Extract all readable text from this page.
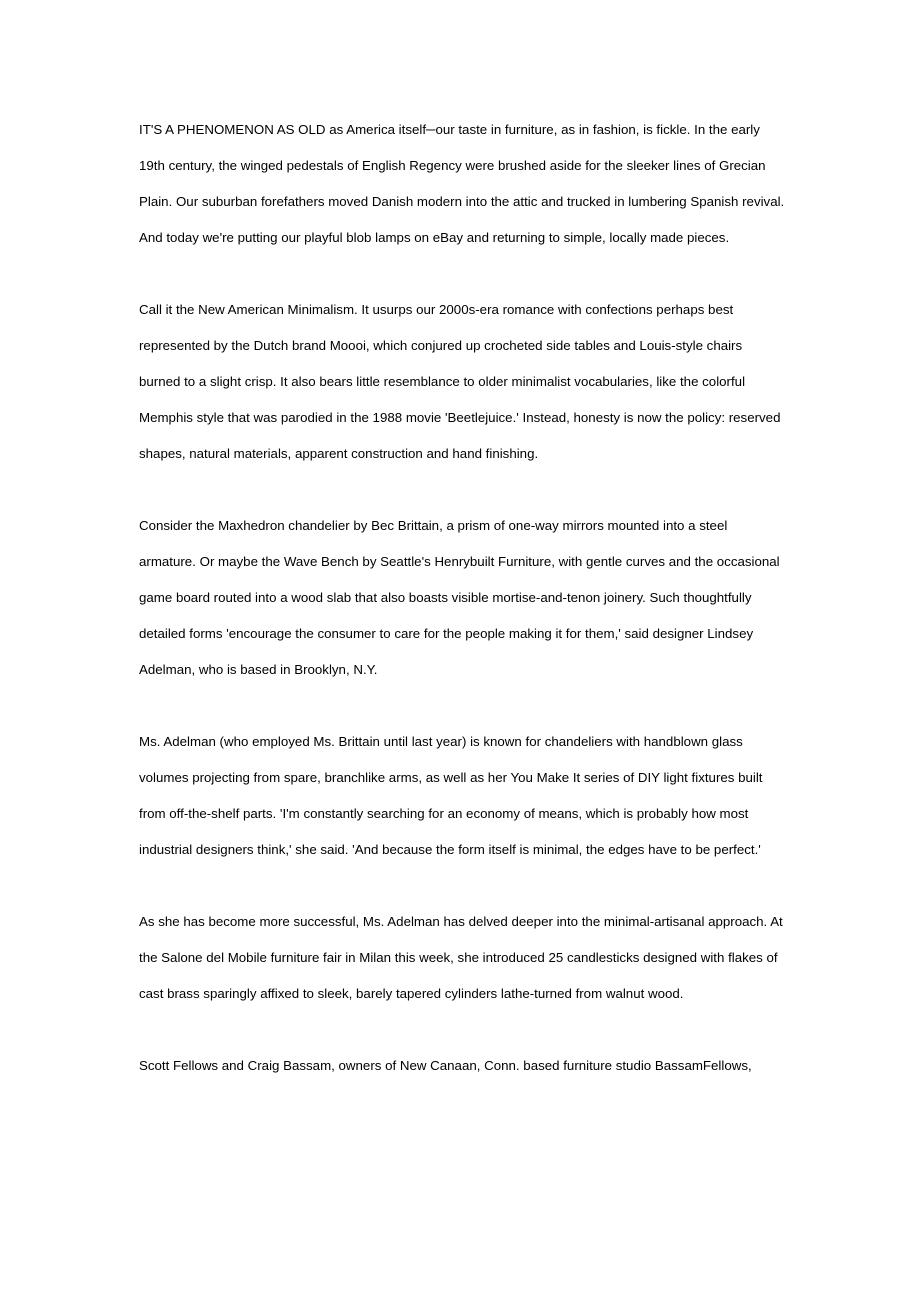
IT'S A PHENOMENON AS OLD as America itself─our taste in furniture, as in fashion, is fickle. In the early 19th century, the winged pedestals of English Regency were brushed aside for the sleeker lines of Grecian Plain. Our suburban forefathers moved Danish modern into the attic and trucked in lumbering Spanish revival. And today we're putting our playful blob lamps on eBay and returning to simple, locally made pieces.

Call it the New American Minimalism. It usurps our 2000s-era romance with confections perhaps best represented by the Dutch brand Moooi, which conjured up crocheted side tables and Louis-style chairs burned to a slight crisp. It also bears little resemblance to older minimalist vocabularies, like the colorful Memphis style that was parodied in the 1988 movie 'Beetlejuice.' Instead, honesty is now the policy: reserved shapes, natural materials, apparent construction and hand finishing.

Consider the Maxhedron chandelier by Bec Brittain, a prism of one-way mirrors mounted into a steel armature. Or maybe the Wave Bench by Seattle's Henrybuilt Furniture, with gentle curves and the occasional game board routed into a wood slab that also boasts visible mortise-and-tenon joinery. Such thoughtfully detailed forms 'encourage the consumer to care for the people making it for them,' said designer Lindsey Adelman, who is based in Brooklyn, N.Y.

Ms. Adelman (who employed Ms. Brittain until last year) is known for chandeliers with handblown glass volumes projecting from spare, branchlike arms, as well as her You Make It series of DIY light fixtures built from off-the-shelf parts. 'I'm constantly searching for an economy of means, which is probably how most industrial designers think,' she said. 'And because the form itself is minimal, the edges have to be perfect.'

As she has become more successful, Ms. Adelman has delved deeper into the minimal-artisanal approach. At the Salone del Mobile furniture fair in Milan this week, she introduced 25 candlesticks designed with flakes of cast brass sparingly affixed to sleek, barely tapered cylinders lathe-turned from walnut wood.

Scott Fellows and Craig Bassam, owners of New Canaan, Conn. based furniture studio BassamFellows,
